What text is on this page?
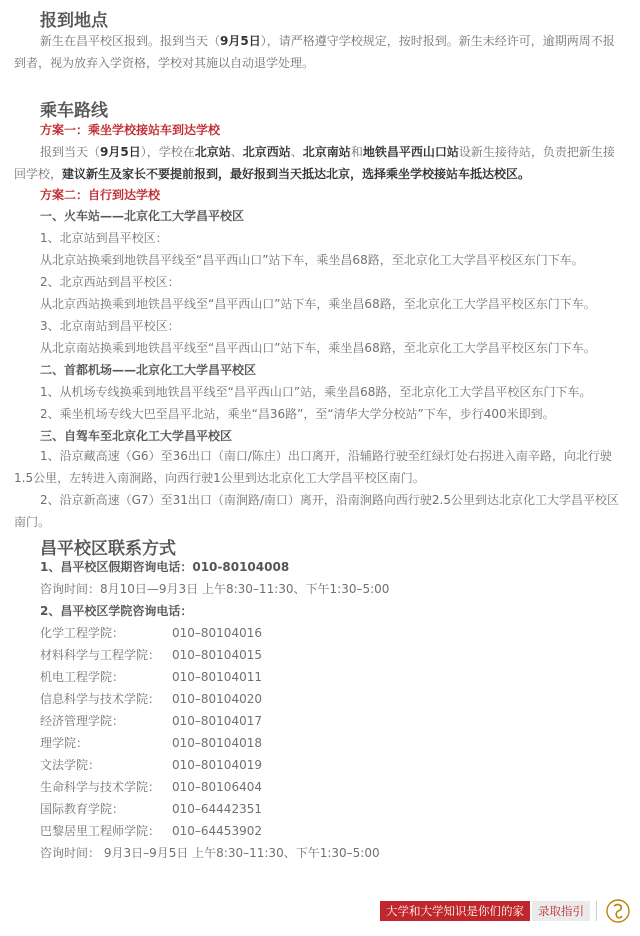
报到地点

新生在昌平校区报到。报到当天（9月5日），请严格遵守学校规定，按时报到。新生未经许可，逾期两周不报到者，视为放弃入学资格，学校对其施以自动退学处理。

乘车路线
方案一：乘坐学校接站车到达学校

报到当天（9月5日），学校在北京站、北京西站、北京南站和地铁昌平西山口站设新生接待站，负责把新生接回学校，建议新生及家长不要提前报到，最好报到当天抵达北京，选择乘坐学校接站车抵达校区。

方案二：自行到达学校
一、火车站——北京化工大学昌平校区
1、北京站到昌平校区：
从北京站换乘到地铁昌平线至“昌平西山口”站下车，乘坐昌68路，至北京化工大学昌平校区东门下车。
2、北京西站到昌平校区：
从北京西站换乘到地铁昌平线至“昌平西山口”站下车，乘坐昌68路，至北京化工大学昌平校区东门下车。
3、北京南站到昌平校区：
从北京南站换乘到地铁昌平线至“昌平西山口”站下车，乘坐昌68路，至北京化工大学昌平校区东门下车。
二、首都机场——北京化工大学昌平校区
1、从机场专线换乘到地铁昌平线至“昌平西山口”站，乘坐昌68路，至北京化工大学昌平校区东门下车。
2、乘坐机场专线大巴至昌平北站，乘坐“昌36路”，至“清华大学分校站”下车，步行400米即到。
三、自驾车至北京化工大学昌平校区

1、沿京藏高速（G6）至36出口（南口/陈庄）出口离开，沿辅路行驶至红绿灯处右拐进入南辛路，向北行驶1.5公里，左转进入南涧路，向西行驶1公里到达北京化工大学昌平校区南门。

2、沿京新高速（G7）至31出口（南涧路/南口）离开，沿南涧路向西行驶2.5公里到达北京化工大学昌平校区南门。

昌平校区联系方式
1、昌平校区假期咨询电话：010-80104008
咨询时间：8月10日—9月3日 上午8:30–11:30、下午1:30–5:00
2、昌平校区学院咨询电话：
化学工程学院：	010–80104016
材料科学与工程学院： 010–80104015
机电工程学院：	010–80104011
信息科学与技术学院： 010–80104020
经济管理学院：	010–80104017
理学院：	010–80104018
文法学院：	010–80104019
生命科学与技术学院： 010–80106404
国际教育学院：	010–64442351
巴黎居里工程师学院： 010–64453902
咨询时间： 9月3日–9月5日 上午8:30–11:30、下午1:30–5:00
大学和大学知识是你们的家	录取指引
